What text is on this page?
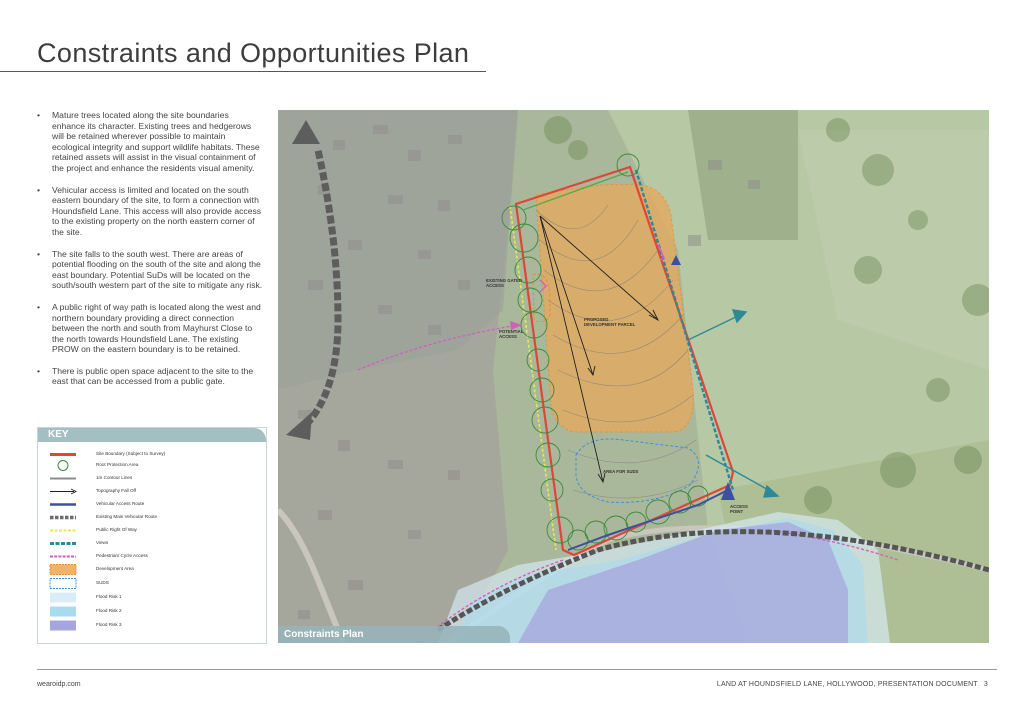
Constraints and Opportunities Plan
• Mature trees located along the site boundaries enhance its character. Existing trees and hedgerows will be retained wherever possible to maintain ecological integrity and support wildlife habitats. These retained assets will assist in the visual containment of the project and enhance the residents visual amenity.
• Vehicular access is limited and located on the south eastern boundary of the site, to form a connection with Houndsfield Lane. This access will also provide access to the existing property on the north eastern corner of the site.
• The site falls to the south west. There are areas of potential flooding on the south of the site and along the east boundary. Potential SuDs will be located on the south/south western part of the site to mitigate any risk.
• A public right of way path is located along the west and northern boundary providing a direct connection between the north and south from Mayhurst Close to the north towards Houndsfield Lane. The existing PROW on the eastern boundary is to be retained.
• There is public open space adjacent to the site to the east that can be accessed from a public gate.
KEY
Site Boundary (Subject to Survey)
Root Protection Area
1m Contour Lines
Topography Fall Off
Vehicular Access Route
Existing Main Vehicular Route
Public Right Of Way
Views
Pedestrian/ Cycle Access
Development Area
SUDS
Flood Risk 1
Flood Risk 2
Flood Risk 3
EXISTING GATED
ACCESS
POTENTIAL
ACCESS
PROPOSED
DEVELOPMENT PARCEL
AREA FOR SUDS
ACCESS
POINT
Constraints Plan
wearoidp.com	LAND AT HOUNDSFIELD LANE, HOLLYWOOD, PRESENTATION DOCUMENT 3
